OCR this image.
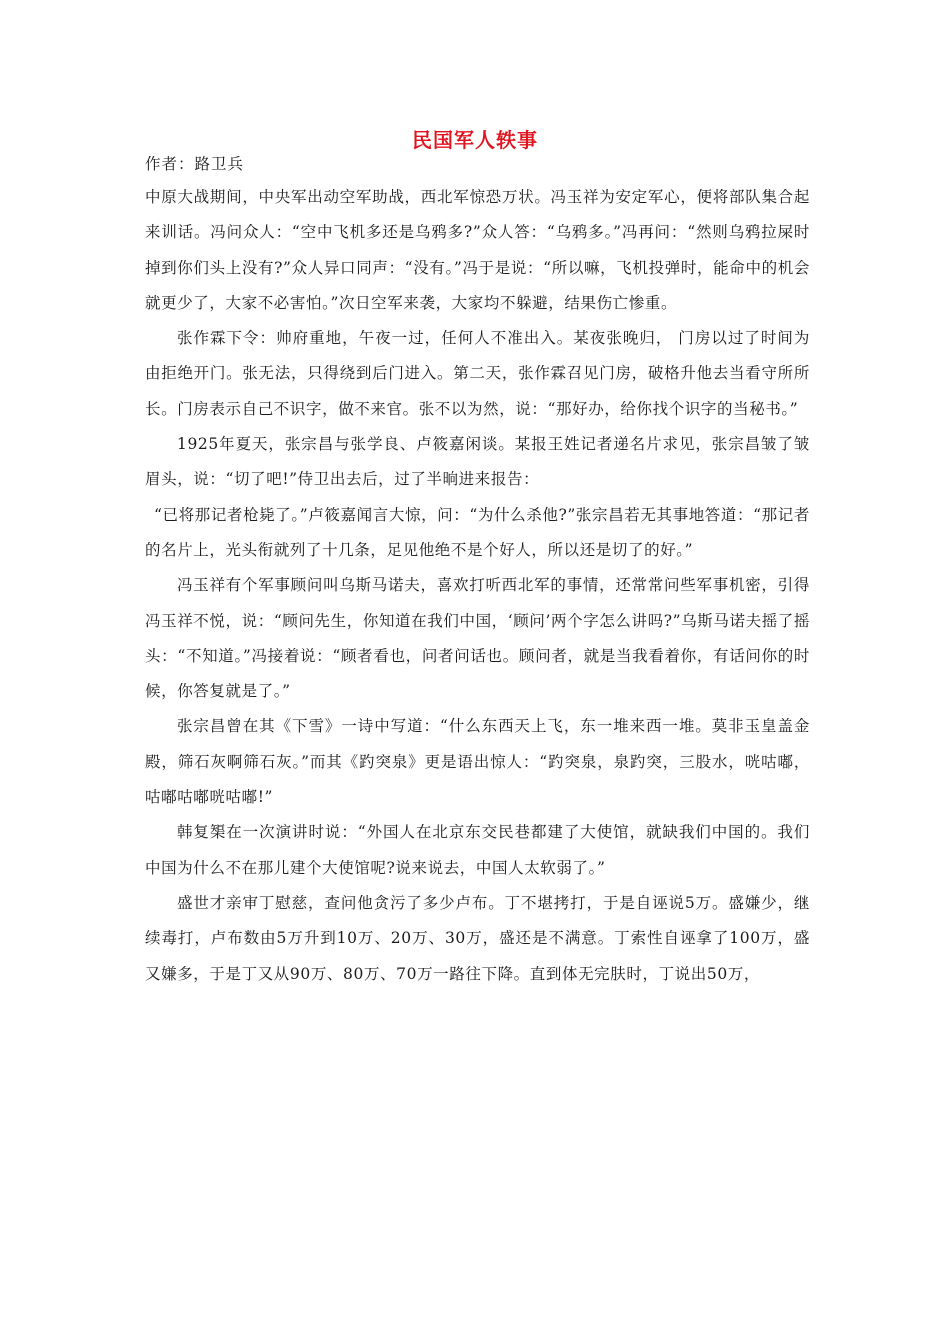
民国军人轶事
作者：路卫兵

中原大战期间，中央军出动空军助战，西北军惊恐万状。冯玉祥为安定军心，便将部队集合起来训话。冯问众人：“空中飞机多还是乌鸦多?”众人答：“乌鸦多。”冯再问：“然则乌鸦拉屎时掉到你们头上没有?”众人异口同声：“没有。”冯于是说：“所以嘛，飞机投弹时，能命中的机会就更少了，大家不必害怕。”次日空军来袭，大家均不躲避，结果伤亡惨重。

张作霖下令：帅府重地，午夜一过，任何人不准出入。某夜张晚归， 门房以过了时间为由拒绝开门。张无法，只得绕到后门进入。第二天，张作霖召见门房，破格升他去当看守所所长。门房表示自己不识字，做不来官。张不以为然，说：“那好办，给你找个识字的当秘书。”

1925年夏天，张宗昌与张学良、卢筱嘉闲谈。某报王姓记者递名片求见，张宗昌皱了皱眉头，说：“切了吧!”侍卫出去后，过了半晌进来报告：

“已将那记者枪毙了。”卢筱嘉闻言大惊，问：“为什么杀他?”张宗昌若无其事地答道：“那记者的名片上，光头衔就列了十几条，足见他绝不是个好人，所以还是切了的好。”

冯玉祥有个军事顾问叫乌斯马诺夫，喜欢打听西北军的事情，还常常问些军事机密，引得冯玉祥不悦，说：“顾问先生，你知道在我们中国，‘顾问’两个字怎么讲吗?”乌斯马诺夫摇了摇头：“不知道。”冯接着说：“顾者看也，问者问话也。顾问者，就是当我看着你，有话问你的时候，你答复就是了。”

张宗昌曾在其《下雪》一诗中写道：“什么东西天上飞，东一堆来西一堆。莫非玉皇盖金殿，筛石灰啊筛石灰。”而其《趵突泉》更是语出惊人：“趵突泉，泉趵突，三股水，咣咕嘟，咕嘟咕嘟咣咕嘟!”

韩复榘在一次演讲时说：“外国人在北京东交民巷都建了大使馆，就缺我们中国的。我们中国为什么不在那儿建个大使馆呢?说来说去，中国人太软弱了。”

盛世才亲审丁慰慈，查问他贪污了多少卢布。丁不堪拷打，于是自诬说5万。盛嫌少，继续毒打，卢布数由5万升到10万、20万、30万，盛还是不满意。丁索性自诬拿了100万，盛又嫌多，于是丁又从90万、80万、70万一路往下降。直到体无完肤时，丁说出50万，
